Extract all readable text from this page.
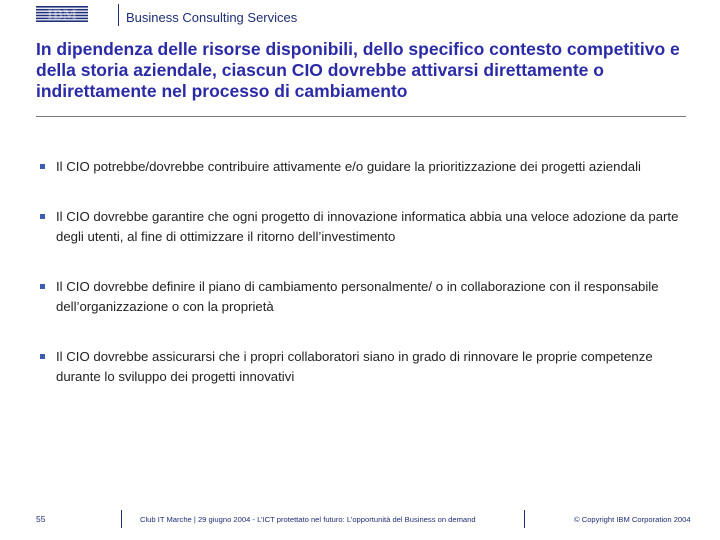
IBM	Business Consulting Services
In dipendenza delle risorse disponibili, dello specifico contesto competitivo e della storia aziendale, ciascun CIO dovrebbe attivarsi direttamente o indirettamente nel processo di cambiamento
Il CIO potrebbe/dovrebbe contribuire attivamente e/o guidare la prioritizzazione dei progetti aziendali
Il CIO dovrebbe garantire che ogni progetto di innovazione informatica abbia una veloce adozione da parte degli utenti, al fine di ottimizzare il ritorno dell’investimento
Il CIO dovrebbe definire il piano di cambiamento personalmente/ o in collaborazione con il responsabile dell’organizzazione o con la proprietà
Il CIO dovrebbe assicurarsi che i propri collaboratori siano in grado di rinnovare le proprie competenze durante lo sviluppo dei progetti innovativi
55	Club IT Marche | 29 giugno 2004 - L’ICT protettato nel futuro: L’opportunità del Business on demand	© Copyright IBM Corporation 2004
